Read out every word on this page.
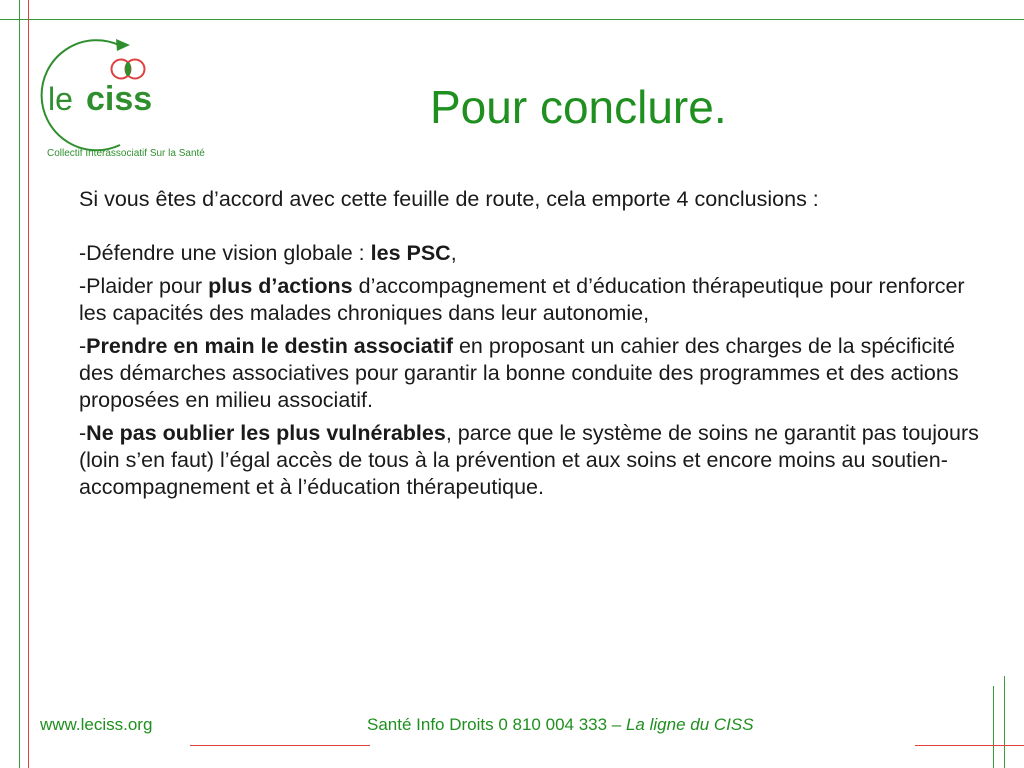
le ciss
Collectif Interassociatif Sur la Santé
Pour conclure.

Si vous êtes d’accord avec cette feuille de route, cela emporte 4 conclusions :

-Défendre une vision globale : les PSC,

-Plaider pour plus d’actions d’accompagnement et d’éducation thérapeutique pour renforcer les capacités des malades chroniques dans leur autonomie,

-Prendre en main le destin associatif en proposant un cahier des charges de la spécificité des démarches associatives pour garantir la bonne conduite des programmes et des actions proposées en milieu associatif.

-Ne pas oublier les plus vulnérables, parce que le système de soins ne garantit pas toujours (loin s’en faut) l’égal accès de tous à la prévention et aux soins et encore moins au soutien-accompagnement et à l’éducation thérapeutique.

www.leciss.org	Santé Info Droits 0 810 004 333 – La ligne du CISS
